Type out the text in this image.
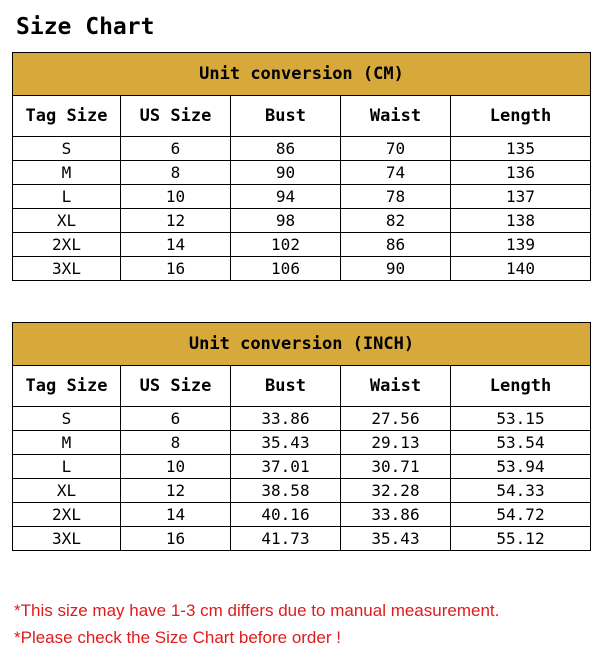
Size Chart
Unit conversion (CM)				
Tag Size	US Size	Bust	Waist	Length
S	6	86	70	135
M	8	90	74	136
L	10	94	78	137
XL	12	98	82	138
2XL	14	102	86	139
3XL	16	106	90	140
Unit conversion (INCH)				
Tag Size	US Size	Bust	Waist	Length
S	6	33.86	27.56	53.15
M	8	35.43	29.13	53.54
L	10	37.01	30.71	53.94
XL	12	38.58	32.28	54.33
2XL	14	40.16	33.86	54.72
3XL	16	41.73	35.43	55.12
*This size may have 1-3 cm differs due to manual measurement.
*Please check the Size Chart before order !
